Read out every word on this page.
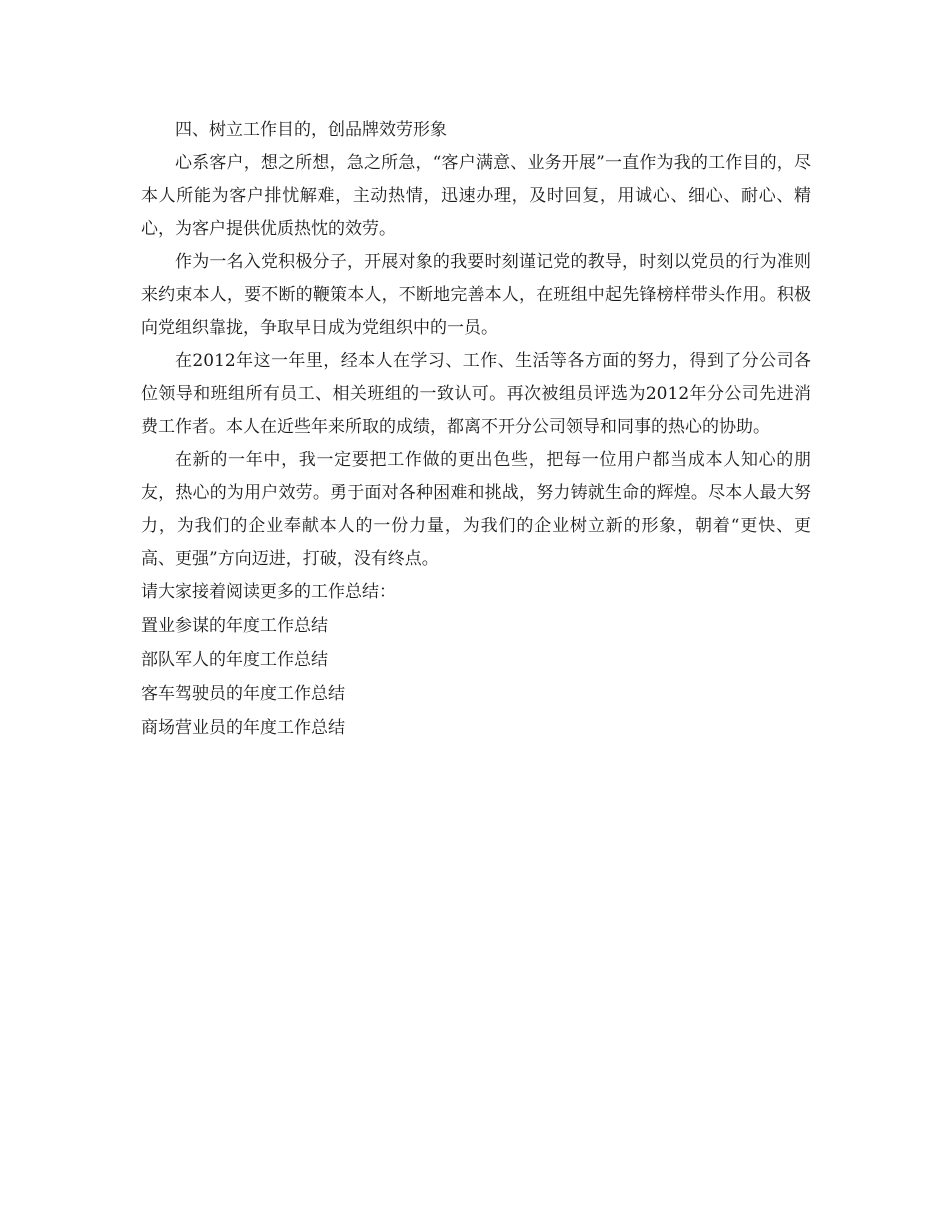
四、树立工作目的，创品牌效劳形象

心系客户，想之所想，急之所急，“客户满意、业务开展”一直作为我的工作目的，尽本人所能为客户排忧解难，主动热情，迅速办理，及时回复，用诚心、细心、耐心、精心，为客户提供优质热忱的效劳。

作为一名入党积极分子，开展对象的我要时刻谨记党的教导，时刻以党员的行为准则来约束本人，要不断的鞭策本人，不断地完善本人，在班组中起先锋榜样带头作用。积极向党组织靠拢，争取早日成为党组织中的一员。

在2012年这一年里，经本人在学习、工作、生活等各方面的努力，得到了分公司各位领导和班组所有员工、相关班组的一致认可。再次被组员评选为2012年分公司先进消费工作者。本人在近些年来所取的成绩，都离不开分公司领导和同事的热心的协助。

在新的一年中，我一定要把工作做的更出色些，把每一位用户都当成本人知心的朋友，热心的为用户效劳。勇于面对各种困难和挑战，努力铸就生命的辉煌。尽本人最大努力，为我们的企业奉献本人的一份力量，为我们的企业树立新的形象，朝着“更快、更高、更强”方向迈进，打破，没有终点。

请大家接着阅读更多的工作总结：

置业参谋的年度工作总结

部队军人的年度工作总结

客车驾驶员的年度工作总结

商场营业员的年度工作总结
